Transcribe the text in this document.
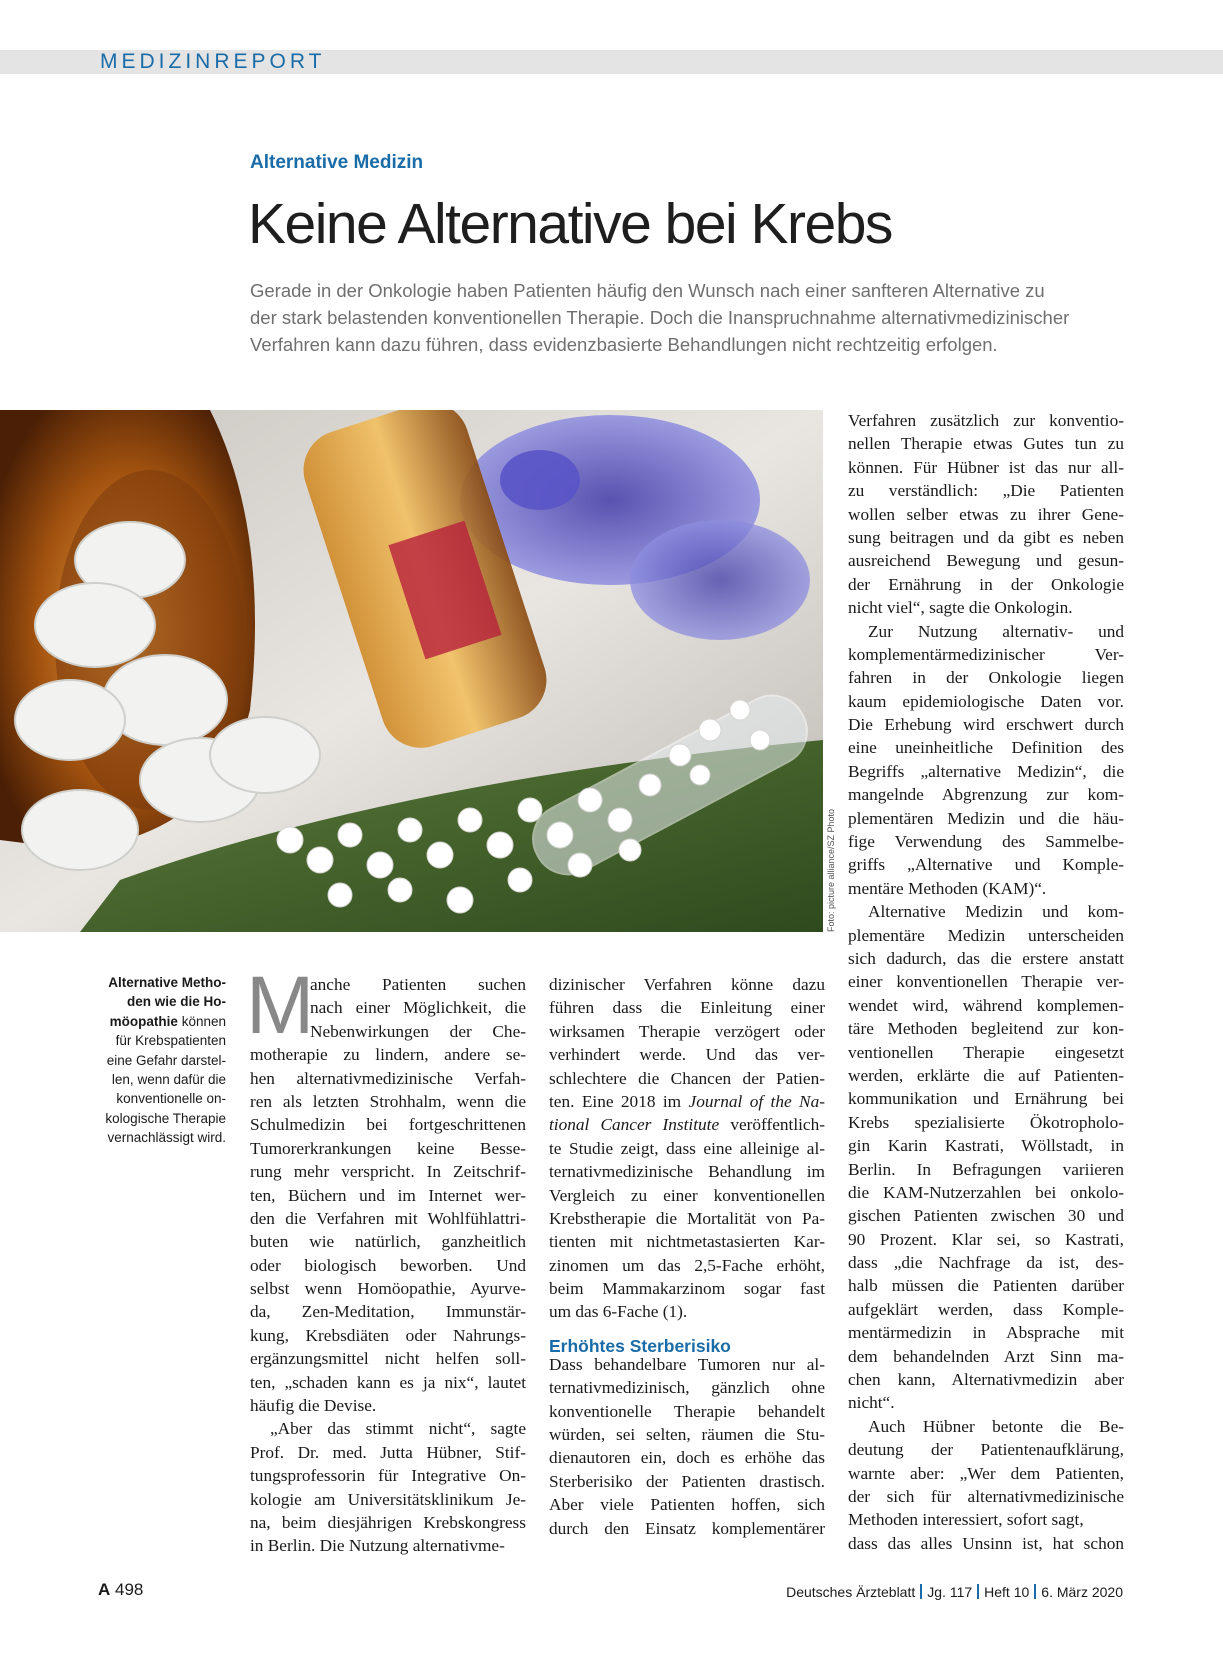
MEDIZINREPORT
Alternative Medizin
Keine Alternative bei Krebs
Gerade in der Onkologie haben Patienten häufig den Wunsch nach einer sanfteren Alternative zu
der stark belastenden konventionellen Therapie. Doch die Inanspruchnahme alternativmedizinischer
Verfahren kann dazu führen, dass evidenzbasierte Behandlungen nicht rechtzeitig erfolgen.
Foto: picture alliance/SZ Photo
Alternative Metho-
den wie die Ho-
möopathie können
für Krebspatienten
eine Gefahr darstel-
len, wenn dafür die
konventionelle on-
kologische Therapie
vernachlässigt wird.
M
anche Patienten suchen
nach einer Möglichkeit, die
Nebenwirkungen der Che-
motherapie zu lindern, andere se-
hen alternativmedizinische Verfah-
ren als letzten Strohhalm, wenn die
Schulmedizin bei fortgeschrittenen
Tumorerkrankungen keine Besse-
rung mehr verspricht. In Zeitschrif-
ten, Büchern und im Internet wer-
den die Verfahren mit Wohlfühlattri-
buten wie natürlich, ganzheitlich
oder biologisch beworben. Und
selbst wenn Homöopathie, Ayurve-
da, Zen-Meditation, Immunstär-
kung, Krebsdiäten oder Nahrungs-
ergänzungsmittel nicht helfen soll-
ten, „schaden kann es ja nix“, lautet
häufig die Devise.
„Aber das stimmt nicht“, sagte
Prof. Dr. med. Jutta Hübner, Stif-
tungsprofessorin für Integrative On-
kologie am Universitätsklinikum Je-
na, beim diesjährigen Krebskongress
in Berlin. Die Nutzung alternativme-
dizinischer Verfahren könne dazu
führen dass die Einleitung einer
wirksamen Therapie verzögert oder
verhindert werde. Und das ver-
schlechtere die Chancen der Patien-
ten. Eine 2018 im Journal of the Na-
tional Cancer Institute veröffentlich-
te Studie zeigt, dass eine alleinige al-
ternativmedizinische Behandlung im
Vergleich zu einer konventionellen
Krebstherapie die Mortalität von Pa-
tienten mit nichtmetastasierten Kar-
zinomen um das 2,5-Fache erhöht,
beim Mammakarzinom sogar fast
um das 6-Fache (1).
Erhöhtes Sterberisiko
Dass behandelbare Tumoren nur al-
ternativmedizinisch, gänzlich ohne
konventionelle Therapie behandelt
würden, sei selten, räumen die Stu-
dienautoren ein, doch es erhöhe das
Sterberisiko der Patienten drastisch.
Aber viele Patienten hoffen, sich
durch den Einsatz komplementärer
Verfahren zusätzlich zur konventio-
nellen Therapie etwas Gutes tun zu
können. Für Hübner ist das nur all-
zu verständlich: „Die Patienten
wollen selber etwas zu ihrer Gene-
sung beitragen und da gibt es neben
ausreichend Bewegung und gesun-
der Ernährung in der Onkologie
nicht viel“, sagte die Onkologin.
Zur Nutzung alternativ- und
komplementärmedizinischer Ver-
fahren in der Onkologie liegen
kaum epidemiologische Daten vor.
Die Erhebung wird erschwert durch
eine uneinheitliche Definition des
Begriffs „alternative Medizin“, die
mangelnde Abgrenzung zur kom-
plementären Medizin und die häu-
fige Verwendung des Sammelbe-
griffs „Alternative und Komple-
mentäre Methoden (KAM)“.
Alternative Medizin und kom-
plementäre Medizin unterscheiden
sich dadurch, das die erstere anstatt
einer konventionellen Therapie ver-
wendet wird, während komplemen-
täre Methoden begleitend zur kon-
ventionellen Therapie eingesetzt
werden, erklärte die auf Patienten-
kommunikation und Ernährung bei
Krebs spezialisierte Ökotropholo-
gin Karin Kastrati, Wöllstadt, in
Berlin. In Befragungen variieren
die KAM-Nutzerzahlen bei onkolo-
gischen Patienten zwischen 30 und
90 Prozent. Klar sei, so Kastrati,
dass „die Nachfrage da ist, des-
halb müssen die Patienten darüber
aufgeklärt werden, dass Komple-
mentärmedizin in Absprache mit
dem behandelnden Arzt Sinn ma-
chen kann, Alternativmedizin aber
nicht“.
Auch Hübner betonte die Be-
deutung der Patientenaufklärung,
warnte aber: „Wer dem Patienten,
der sich für alternativmedizinische
Methoden interessiert, sofort sagt,
dass das alles Unsinn ist, hat schon
A 498	Deutsches Ärzteblatt Jg. 117 Heft 10 6. März 2020
